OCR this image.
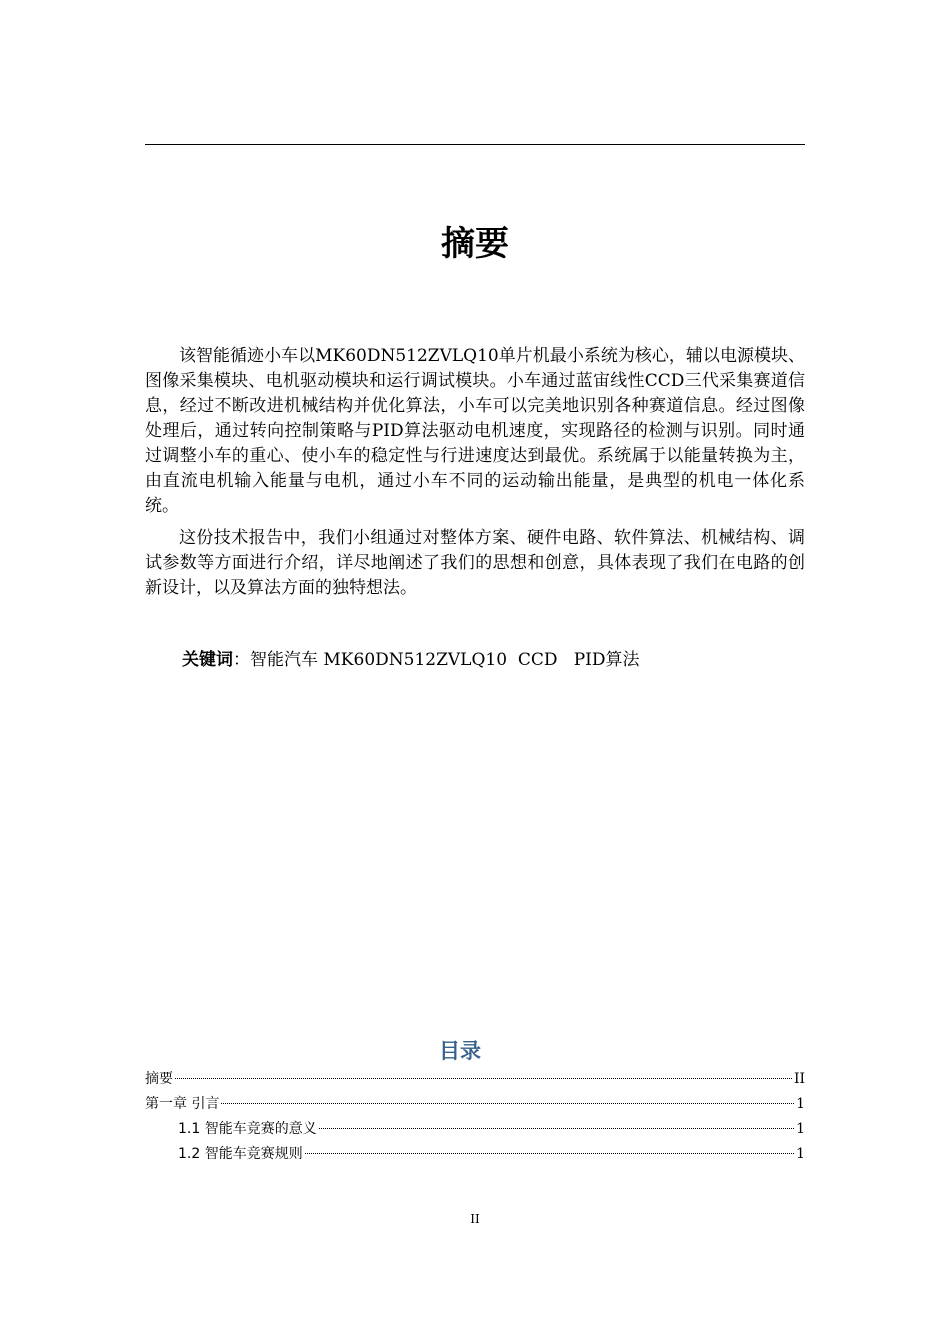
摘要

该智能循迹小车以MK60DN512ZVLQ10单片机最小系统为核心，辅以电源模块、图像采集模块、电机驱动模块和运行调试模块。小车通过蓝宙线性CCD三代采集赛道信息，经过不断改进机械结构并优化算法，小车可以完美地识别各种赛道信息。经过图像处理后，通过转向控制策略与PID算法驱动电机速度，实现路径的检测与识别。同时通过调整小车的重心、使小车的稳定性与行进速度达到最优。系统属于以能量转换为主，由直流电机输入能量与电机，通过小车不同的运动输出能量，是典型的机电一体化系统。

这份技术报告中，我们小组通过对整体方案、硬件电路、软件算法、机械结构、调试参数等方面进行介绍，详尽地阐述了我们的思想和创意，具体表现了我们在电路的创新设计，以及算法方面的独特想法。

关键词：智能汽车 MK60DN512ZVLQ10  CCD   PID算法
目录
摘要	II
第一章 引言	1
1.1 智能车竞赛的意义	1
1.2 智能车竞赛规则	1
II
